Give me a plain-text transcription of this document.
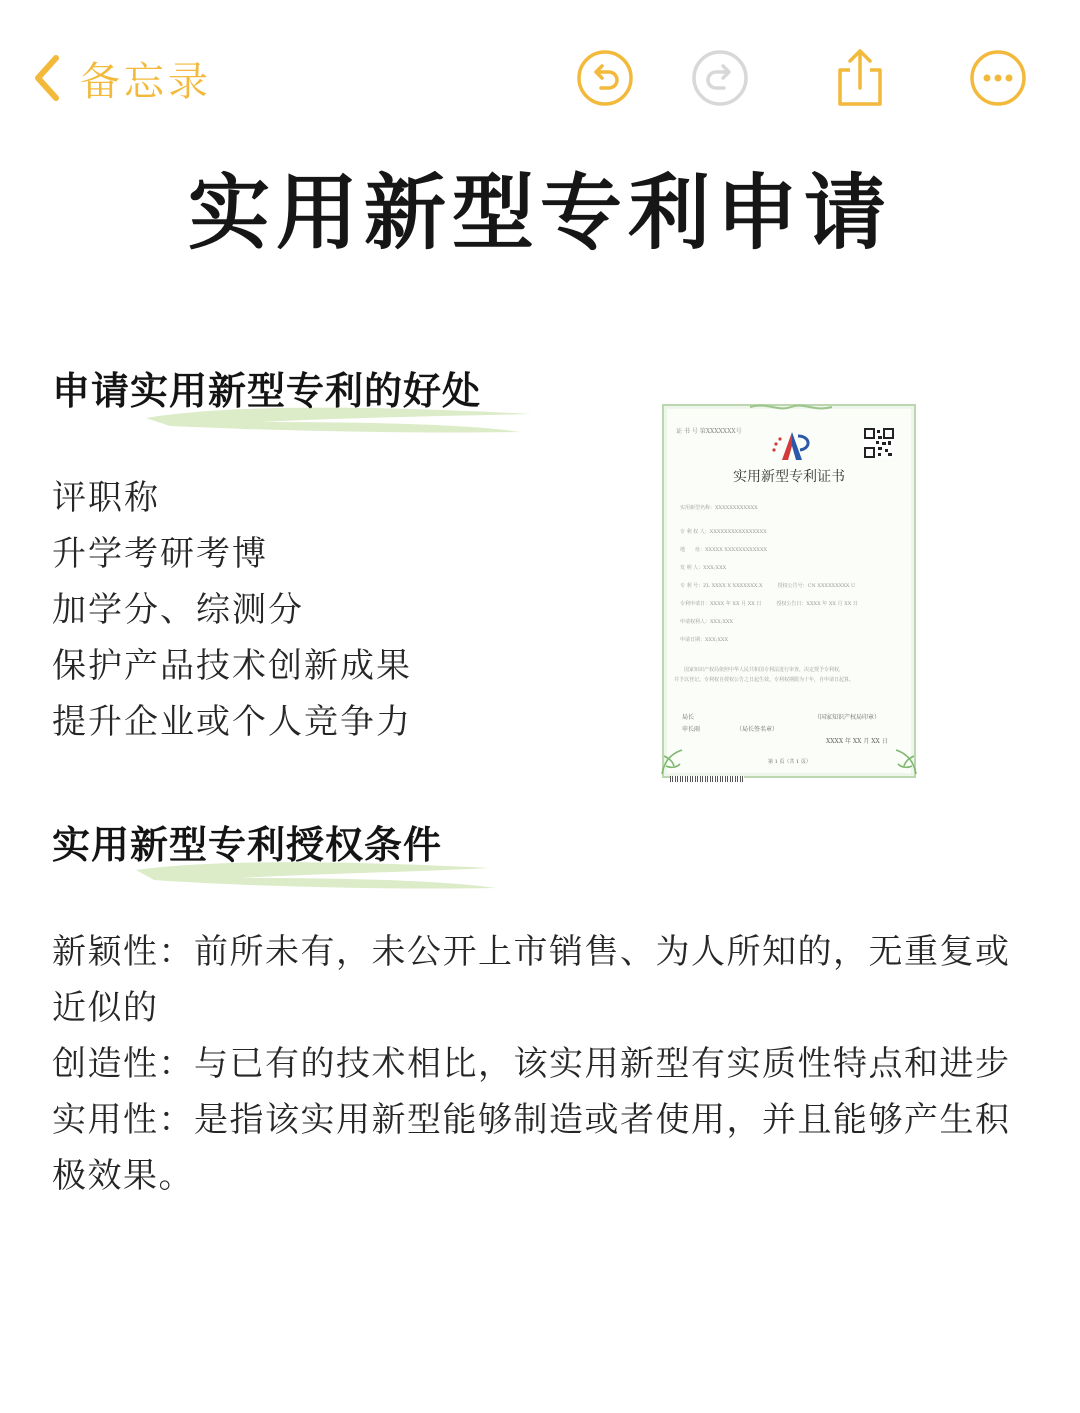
备忘录
实用新型专利申请
申请实用新型专利的好处
评职称
升学考研考博
加学分、综测分
保护产品技术创新成果
提升企业或个人竞争力
证 书 号 第XXXXXXX号
实用新型专利证书
实用新型名称：XXXXXXXXXXXX
专 利 权 人：XXXXXXXXXXXXXXXX
地　　址：XXXXX XXXXXXXXXXXX
发 明 人：XXX;XXX
专 利 号：ZL XXXX X XXXXXXX.X　　　授权公告号：CN XXXXXXXXX U
专利申请日：XXXX 年 XX 月 XX 日　　　授权公告日：XXXX 年 XX 月 XX 日
申请权利人：XXX;XXX
申请日期：XXX;XXX
国家知识产权局依照中华人民共和国专利法进行审查，决定授予专利权，
并予以登记。专利权自授权公告之日起生效。专利权期限为十年，自申请日起算。
局长
申长雨	（局长签名章）
（国家知识产权局印章）
XXXX 年 XX 月 XX 日
第 1 页（共 1 页）
实用新型专利授权条件
新颖性：前所未有，未公开上市销售、为人所知的，无重复或近似的
创造性：与已有的技术相比，该实用新型有实质性特点和进步
实用性：是指该实用新型能够制造或者使用，并且能够产生积极效果。
